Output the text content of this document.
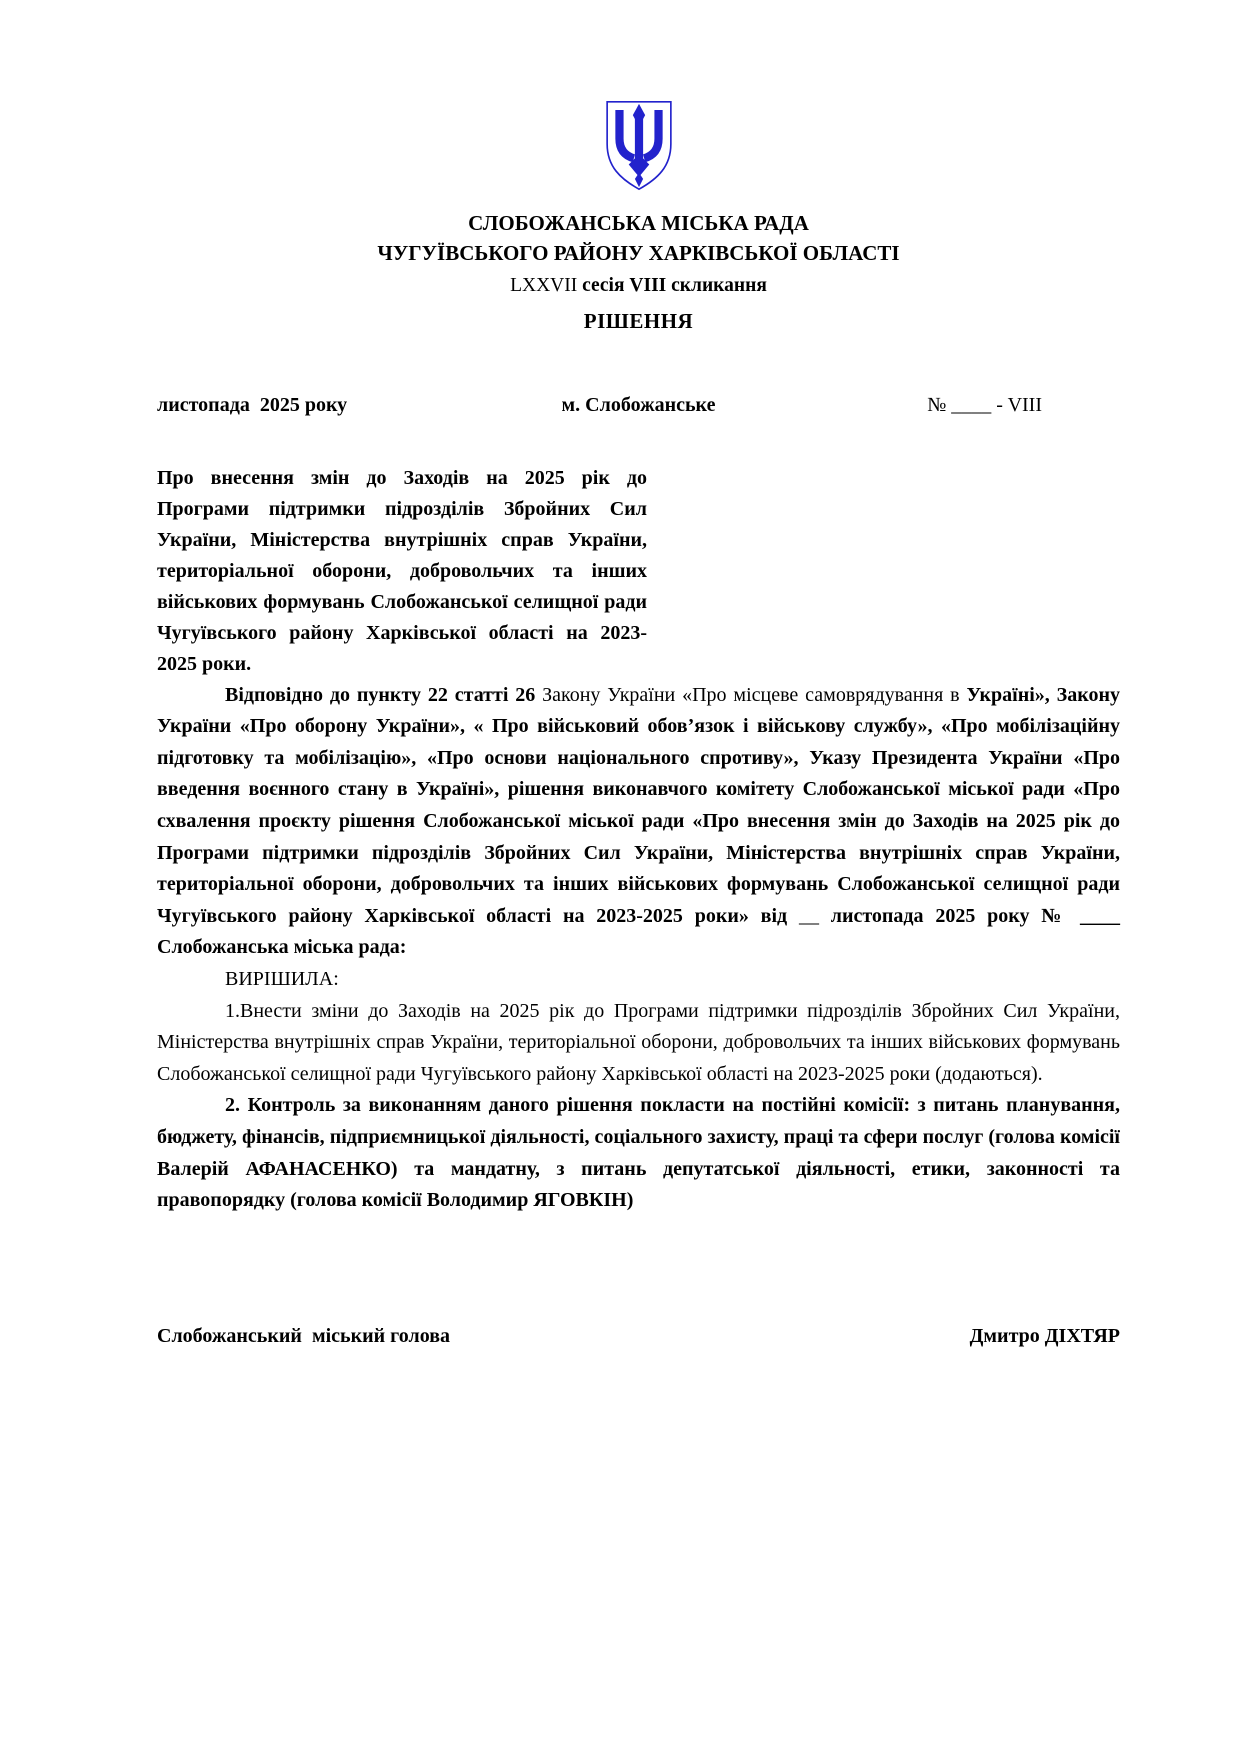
СЛОБОЖАНСЬКА МІСЬКА РАДА
ЧУГУЇВСЬКОГО РАЙОНУ ХАРКІВСЬКОЇ ОБЛАСТІ
LXXVII сесія VIII скликання
РІШЕННЯ
листопада  2025 року	м. Слобожанське	№ ____ - VIII
Про внесення змін до Заходів на 2025 рік до Програми підтримки підрозділів Збройних Сил України, Міністерства внутрішніх справ України, територіальної оборони, добровольчих та інших військових формувань Слобожанської селищної ради Чугуївського району Харківської області на 2023-2025 роки.

Відповідно до пункту 22 статті 26 Закону України «Про місцеве самоврядування в Україні», Закону України «Про оборону України», « Про військовий обов’язок і військову службу», «Про мобілізаційну підготовку та мобілізацію», «Про основи національного спротиву», Указу Президента України «Про введення воєнного стану в Україні», рішення виконавчого комітету Слобожанської міської ради «Про схвалення проєкту рішення Слобожанської міської ради «Про внесення змін до Заходів на 2025 рік до Програми підтримки підрозділів Збройних Сил України, Міністерства внутрішніх справ України, територіальної оборони, добровольчих та інших військових формувань Слобожанської селищної ради Чугуївського району Харківської області на 2023-2025 роки» від __ листопада 2025 року № ____ Слобожанська міська рада:

ВИРІШИЛА:

1.Внести зміни до Заходів на 2025 рік до Програми підтримки підрозділів Збройних Сил України, Міністерства внутрішніх справ України, територіальної оборони, добровольчих та інших військових формувань Слобожанської селищної ради Чугуївського району Харківської області на 2023-2025 роки (додаються).

2. Контроль за виконанням даного рішення покласти на постійні комісії: з питань планування, бюджету, фінансів, підприємницької діяльності, соціального захисту, праці та сфери послуг (голова комісії Валерій АФАНАСЕНКО) та мандатну, з питань депутатської діяльності, етики, законності та правопорядку (голова комісії Володимир ЯГОВКІН)

Слобожанський  міський голова	Дмитро ДІХТЯР
